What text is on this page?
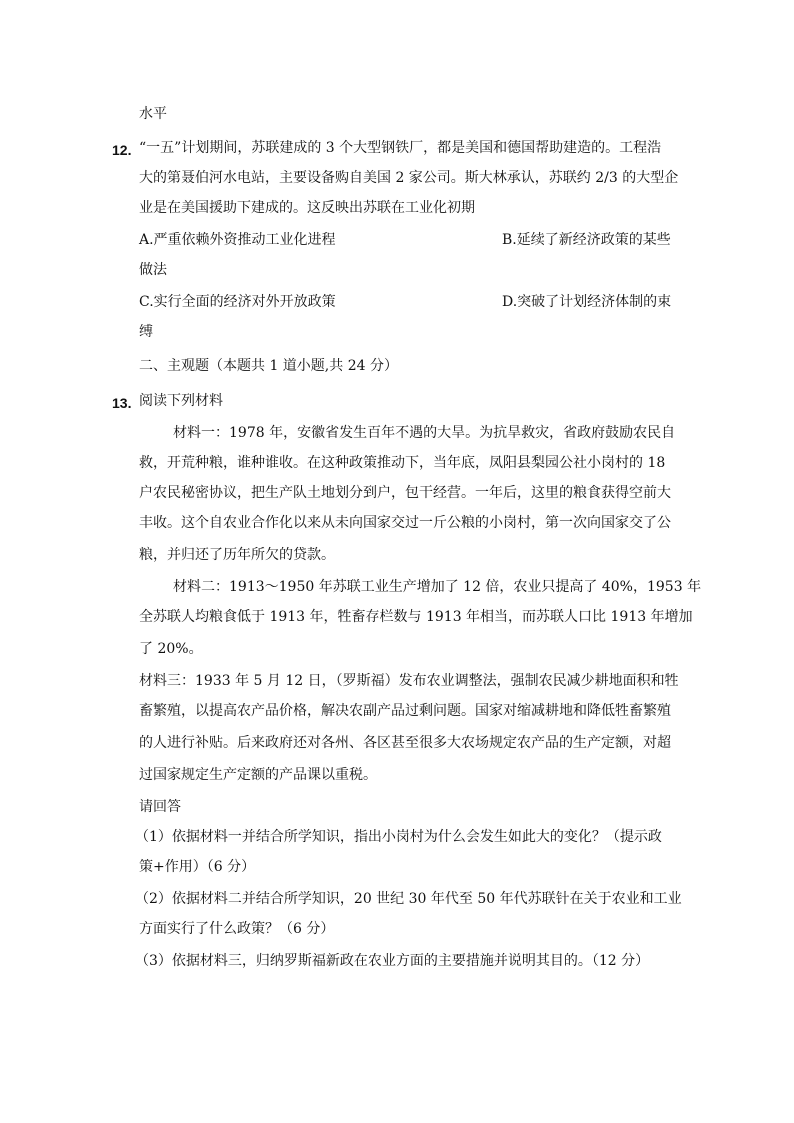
水平
12. “一五”计划期间，苏联建成的 3 个大型钢铁厂，都是美国和德国帮助建造的。工程浩
大的第聂伯河水电站，主要设备购自美国 2 家公司。斯大林承认，苏联约 2/3 的大型企
业是在美国援助下建成的。这反映出苏联在工业化初期
A.严重依赖外资推动工业化进程	B.延续了新经济政策的某些
做法
C.实行全面的经济对外开放政策	D.突破了计划经济体制的束
缚
二、主观题（本题共 1 道小题,共 24 分）
13. 阅读下列材料
材料一：1978 年，安徽省发生百年不遇的大旱。为抗旱救灾，省政府鼓励农民自
救，开荒种粮，谁种谁收。在这种政策推动下，当年底，凤阳县梨园公社小岗村的 18
户农民秘密协议，把生产队土地划分到户，包干经营。一年后，这里的粮食获得空前大
丰收。这个自农业合作化以来从未向国家交过一斤公粮的小岗村，第一次向国家交了公
粮，并归还了历年所欠的贷款。
材料二：1913～1950 年苏联工业生产增加了 12 倍，农业只提高了 40%，1953 年
全苏联人均粮食低于 1913 年，牲畜存栏数与 1913 年相当，而苏联人口比 1913 年增加
了 20%。
材料三：1933 年 5 月 12 日，（罗斯福）发布农业调整法，强制农民减少耕地面积和牲
畜繁殖，以提高农产品价格，解决农副产品过剩问题。国家对缩减耕地和降低牲畜繁殖
的人进行补贴。后来政府还对各州、各区甚至很多大农场规定农产品的生产定额，对超
过国家规定生产定额的产品课以重税。
请回答
（1）依据材料一并结合所学知识，指出小岗村为什么会发生如此大的变化？（提示政
策+作用）（6 分）
（2）依据材料二并结合所学知识，20 世纪 30 年代至 50 年代苏联针在关于农业和工业
方面实行了什么政策？（6 分）
（3）依据材料三，归纳罗斯福新政在农业方面的主要措施并说明其目的。（12 分）
